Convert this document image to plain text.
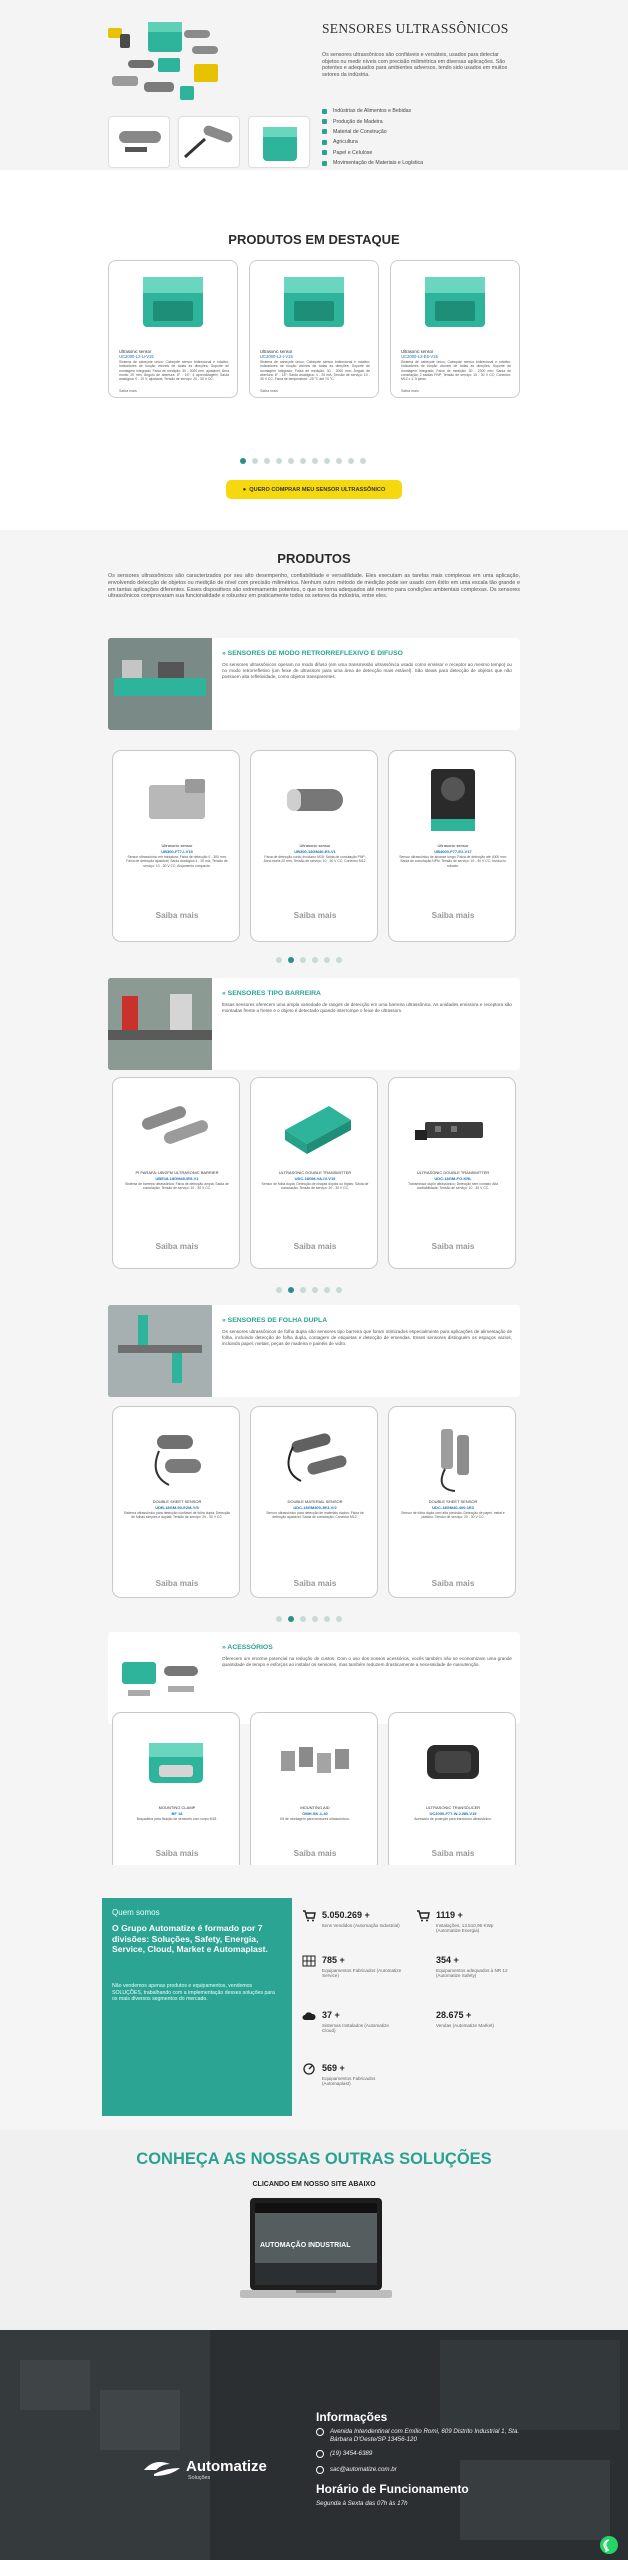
SENSORES ULTRASSÔNICOS
Os sensores ultrassônicos são confiáveis e versáteis, usados para detectar objetos ou medir níveis com precisão milimétrica em diversas aplicações. São potentes e adequados para ambientes adversos, tendo sido usados em muitos setores da indústria.
Indústrias de Alimentos e Bebidas
Produção de Madeira
Material de Construção
Agricultura
Papel e Celulose
Movimentação de Materiais e Logística
PRODUTOS EM DESTAQUE
Ultrasonic sensor
UC2000-L2-U-V15
Sistema de cabeçote único; Cabeçote sensor bidirecional e rotativo; Indicadores de função visíveis de todas as direções; Suporte de montagem integrado; Faixa de medição: 30 - 2000 mm, ajustável; Área morta: 20 mm; Ângulo de abertura: 8° - 15°; 4 aprendizagem; Saída analógica: 0 - 10 V, ajustável; Tensão de serviço: 20 - 30 V CC.
Saiba mais
Ultrasonic sensor
UC2000-L2-I-V15
Sistema de cabeçote único; Cabeçote sensor bidirecional e rotativo; Indicadores de função visíveis de todas as direções; Suporte de montagem integrado; Faixa de medição: 30 - 2000 mm; Ângulo de abertura: 8° - 15°; Saída analógica: 4 - 20 mA; Tensão de serviço: 10 - 30 V CC; Faixa de temperatura: -25 °C até 70 °C.
Saiba mais
Ultrasonic sensor
UC2000-L2-E6-V15
Sistema de cabeçote único; Cabeçote sensor bidirecional e rotativo; Indicadores de função visíveis de todas as direções; Suporte de montagem integrado; Faixa de medição: 30 - 2000 mm; Saída de comutação: 2 saídas PNP; Tensão de serviço: 10 - 30 V CC; Conector: M12 x 1, 5 pinos.
Saiba mais
● QUERO COMPRAR MEU SENSOR ULTRASSÔNICO
PRODUTOS
Os sensores ultrassônicos são caracterizados por seu alto desempenho, confiabilidade e versatilidade. Eles executam as tarefas mais complexas em uma aplicação, envolvendo detecção de objetos ou medição de nível com precisão milimétrica. Nenhum outro método de medição pode ser usado com êxito em uma escala tão grande e em tantas aplicações diferentes. Esses dispositivos são extremamente potentes, o que os torna adequados até mesmo para condições ambientais complexas. Os sensores ultrassônicos comprovaram sua funcionalidade e robustez em praticamente todos os setores da indústria, entre eles.
» SENSORES DE MODO RETRORREFLEXIVO E DIFUSO
Os sensores ultrassônicos operam no modo difuso (em uma transmissão ultrassônica usado como emissor e receptor ao mesmo tempo) ou no modo retrorrefletivo (um feixe de ultrassom para uma área de detecção mais estável). São ideais para detecção de objetos que não possuem alta refletividade, como objetos transparentes.
Ultrasonic sensor
UB300-F77-I-V15
Sensor ultrassônico em miniatura; Faixa de detecção 0 - 300 mm; Faixa de detecção ajustável; Saída analógica 4 - 20 mA; Tensão de serviço: 10 - 30 V CC; Alojamento compacto.
Saiba mais
Ultrasonic sensor
UB300-18GM40-E5-V1
Faixa de detecção curta; Invólucro M18; Saída de comutação PNP; Área morta 20 mm; Tensão de serviço: 10 - 30 V CC; Conector M12.
Saiba mais
Ultrasonic sensor
UB4000-F77-E2-V17
Sensor ultrassônico de alcance longo; Faixa de detecção até 4000 mm; Saída de comutação NPN; Tensão de serviço: 10 - 30 V CC; Invólucro robusto.
Saiba mais
» SENSORES TIPO BARREIRA
Essas sensores oferecem uma ampla variedade de ranges de detecção em uma barreira ultrassônica. As unidades emissora e receptora são montadas frente a frente e o objeto é detectado quando interrompe o feixe de ultrassom.
PI PARAFA: UB/ZFM ULTRASONIC BARRIER
UBE18-18GM40-IE5-V1
Sistema de barreira ultrassônica; Faixa de detecção ampla; Saída de comutação; Tensão de serviço: 10 - 30 V CC.
Saiba mais
ULTRASONIC DOUBLE TRANSMITTER
UDC-18GM-VA-IV-V15
Sensor de folha dupla; Detecção de chapas duplas ou triplas; Saída de comutação; Tensão de serviço: 20 - 30 V CC.
Saiba mais
ULTRASONIC DOUBLE TRANSMITTER
UDC-18GM-FO-KRL
Transmissor duplo ultrassônico; Detecção sem contato; Alta confiabilidade; Tensão de serviço: 10 - 30 V CC.
Saiba mais
» SENSORES DE FOLHA DUPLA
Os sensores ultrassônicos de folha dupla são sensores tipo barreira que foram otimizados especialmente para aplicações de alimentação de folha, incluindo detecção de folha dupla, contagem de etiquetas e detecção de emendas. Esses sensores distinguem os espaços vazios, incluindo papel, metais, peças de madeira e painéis de vidro.
DOUBLE SHEET SENSOR
UDB-18GM-50-E2M-Y/5
Sistema ultrassônico para detecção confiável de folha dupla; Detecção de folhas simples e duplas; Tensão de serviço: 20 - 30 V CC.
Saiba mais
DOUBLE MATERIAL SENSOR
UDC-18GM400-3E3-V/2
Sensor ultrassônico para detecção de materiais duplos; Faixa de detecção ajustável; Saída de comutação; Conector M12.
Saiba mais
DOUBLE SHEET SENSOR
UDC-18GM40-400-1E3
Sensor de folha dupla com alta precisão; Detecção de papel, metal e plástico; Tensão de serviço: 20 - 30 V CC.
Saiba mais
» ACESSÓRIOS
Oferecem um enorme potencial na redução de custos. Com o uso dos nossos acessórios, vocês também não se economizam uma grande quantidade de tempo e esforços ao instalar os sensores, mas também reduzem drasticamente a necessidade de manutenção.
MOUNTING CLAMP
BF 18
Braçadeira para fixação de sensores com corpo M18.
Saiba mais
MOUNTING AID
OMH-SK-1-40
Kit de montagem para sensores ultrassônicos.
Saiba mais
ULTRASONIC TRANSDUCER
UC2000-F77-W-2-BB-V15
Acessório de proteção para transdutor ultrassônico.
Saiba mais
Quem somos
O Grupo Automatize é formado por 7 divisões: Soluções, Safety, Energia, Service, Cloud, Market e Automaplast.
Não vendemos apenas produtos e equipamentos, vendemos SOLUÇÕES, trabalhando com a implementação desses soluções para os mais diversos segmentos do mercado.
5.050.269 +
Itens Vendidos (Automação Industrial)
1119 +
Instalações, 13.510,96 KWp (Automatize Energia)
785 +
Equipamentos Fabricados (Automatize Service)
354 +
Equipamentos adequados à NR 12 (Automatize Safety)
37 +
Sistemas Instalados (Automatize Cloud)
28.675 +
Vendas (Automatize Market)
569 +
Equipamentos Fabricados (Automaplast)
CONHEÇA AS NOSSAS OUTRAS SOLUÇÕES
CLICANDO EM NOSSO SITE ABAIXO
AUTOMAÇÃO INDUSTRIAL
Automatize
Soluções
Informações
Avenida Intendentinal com Emílio Romi, 609 Distrito Industrial 1, Sta. Bárbara D'Oeste/SP 13456-120
(19) 3454-6389
sac@automatize.com.br
Horário de Funcionamento
Segunda à Sexta das 07h às 17h
